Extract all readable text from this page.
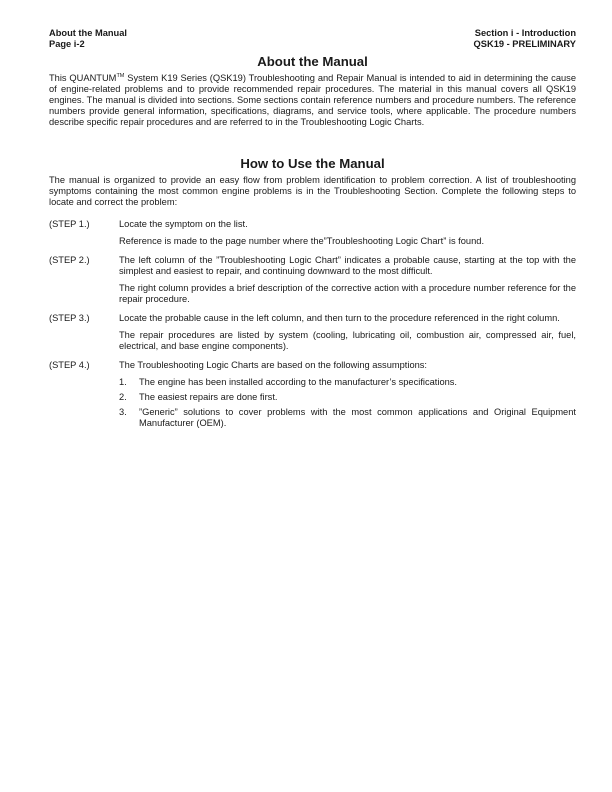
About the Manual
Page i-2
Section i - Introduction
QSK19 - PRELIMINARY
About the Manual

This QUANTUM™ System K19 Series (QSK19) Troubleshooting and Repair Manual is intended to aid in determining the cause of engine-related problems and to provide recommended repair procedures. The material in this manual covers all QSK19 engines. The manual is divided into sections. Some sections contain reference numbers and procedure numbers. The reference numbers provide general information, specifications, diagrams, and service tools, where applicable. The procedure numbers describe specific repair procedures and are referred to in the Troubleshooting Logic Charts.

How to Use the Manual

The manual is organized to provide an easy flow from problem identification to problem correction. A list of troubleshooting symptoms containing the most common engine problems is in the Troubleshooting Section. Complete the following steps to locate and correct the problem:

(STEP 1.)	Locate the symptom on the list.

Reference is made to the page number where the”Troubleshooting Logic Chart” is found.

(STEP 2.)	The left column of the ”Troubleshooting Logic Chart” indicates a probable cause, starting at the top with the simplest and easiest to repair, and continuing downward to the most difficult.

The right column provides a brief description of the corrective action with a procedure number reference for the repair procedure.

(STEP 3.)	Locate the probable cause in the left column, and then turn to the procedure referenced in the right column.

The repair procedures are listed by system (cooling, lubricating oil, combustion air, compressed air, fuel, electrical, and base engine components).

(STEP 4.)	The Troubleshooting Logic Charts are based on the following assumptions:

1.	The engine has been installed according to the manufacturer’s specifications.
2.	The easiest repairs are done first.
3.	”Generic” solutions to cover problems with the most common applications and Original Equipment Manufacturer (OEM).
